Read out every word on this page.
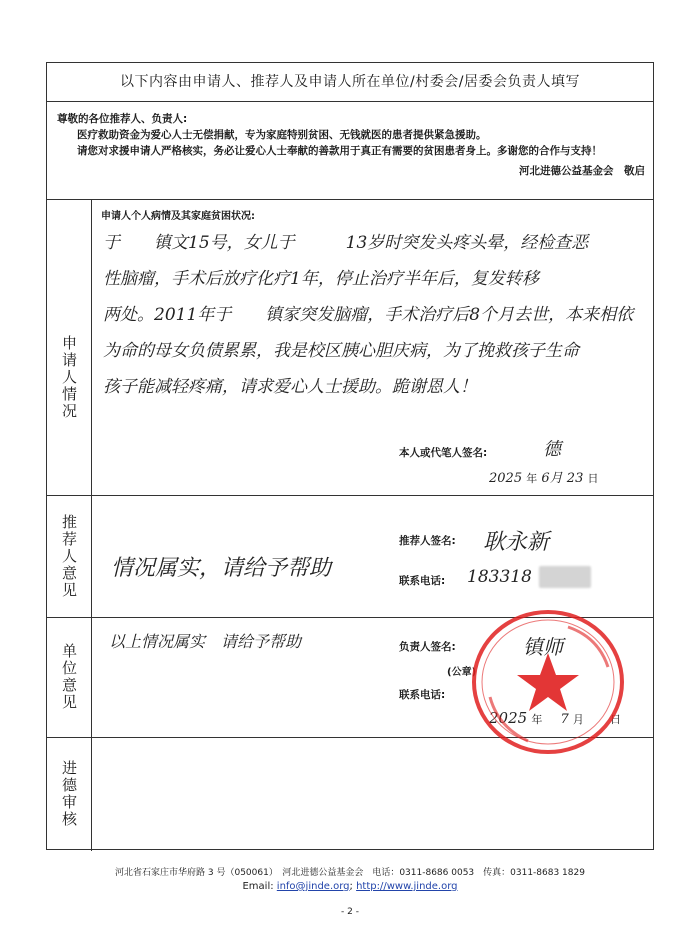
以下内容由申请人、推荐人及申请人所在单位/村委会/居委会负责人填写

尊敬的各位推荐人、负责人:

医疗救助资金为爱心人士无偿捐献，专为家庭特别贫困、无钱就医的患者提供紧急援助。

请您对求援申请人严格核实，务必让爱心人士奉献的善款用于真正有需要的贫困患者身上。多谢您的合作与支持！

河北进德公益基金会　敬启

申请人情况
申请人个人病情及其家庭贫困状况:
于　　镇文15号，女儿于　　　13岁时突发头疼头晕，经检查恶
性脑瘤，手术后放疗化疗1年，停止治疗半年后，复发转移
两处。2011年于　　镇家突发脑瘤，手术治疗后8个月去世，本来相依
为命的母女负债累累，我是校区胰心胆庆病，为了挽救孩子生命
孩子能减轻疼痛，请求爱心人士援助。跪谢恩人！
本人或代笔人签名: 　　德
2025 年 6月 23 日
推荐人意见	情况属实，请给予帮助
推荐人签名: 耿永新
联系电话: 183318
单位意见
以上情况属实　请给予帮助	负责人签名: 　　镇师
(公章)
联系电话:
2025 年 7 月 日
进德审核
河北省石家庄市华府路 3 号（050061）　河北进德公益基金会　电话：0311-8686 0053　传真：0311-8683 1829
Email: info@jinde.org; http://www.jinde.org
- 2 -
